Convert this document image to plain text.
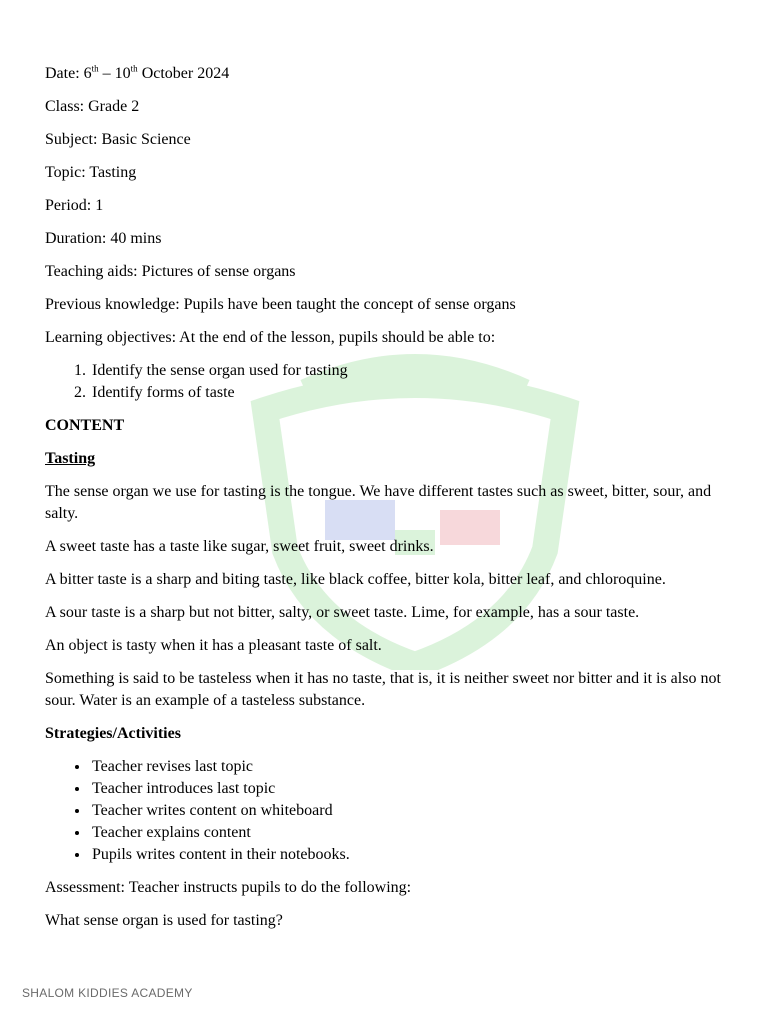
Date: 6th – 10th October 2024

Class: Grade 2

Subject: Basic Science

Topic: Tasting

Period: 1

Duration: 40 mins

Teaching aids: Pictures of sense organs

Previous knowledge: Pupils have been taught the concept of sense organs

Learning objectives: At the end of the lesson, pupils should be able to:

1. Identify the sense organ used for tasting
2. Identify forms of taste

CONTENT

Tasting

The sense organ we use for tasting is the tongue. We have different tastes such as sweet, bitter, sour, and salty.

A sweet taste has a taste like sugar, sweet fruit, sweet drinks.

A bitter taste is a sharp and biting taste, like black coffee, bitter kola, bitter leaf, and chloroquine.

A sour taste is a sharp but not bitter, salty, or sweet taste. Lime, for example, has a sour taste.

An object is tasty when it has a pleasant taste of salt.

Something is said to be tasteless when it has no taste, that is, it is neither sweet nor bitter and it is also not sour. Water is an example of a tasteless substance.

Strategies/Activities

• Teacher revises last topic
• Teacher introduces last topic
• Teacher writes content on whiteboard
• Teacher explains content
• Pupils writes content in their notebooks.

Assessment: Teacher instructs pupils to do the following:

What sense organ is used for tasting?

SHALOM KIDDIES ACADEMY
